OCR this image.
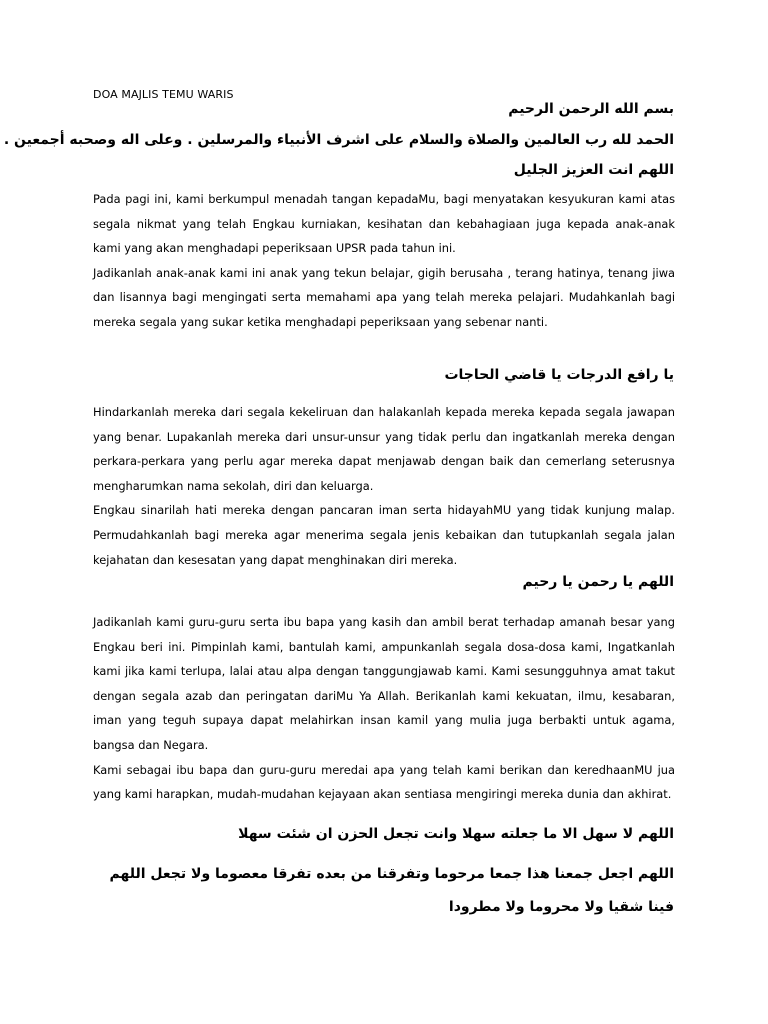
DOA MAJLIS TEMU WARIS
بسم الله الرحمن الرحيم
الحمد لله رب العالمين والصلاة والسلام على اشرف الأنبياء والمرسلين . وعلى اله وصحبه أجمعين .
اللهم انت العزيز الجليل

Pada pagi ini, kami berkumpul menadah tangan kepadaMu, bagi menyatakan kesyukuran kami atas segala nikmat yang telah Engkau kurniakan, kesihatan dan kebahagiaan juga kepada anak-anak kami yang akan menghadapi peperiksaan UPSR pada tahun ini.

Jadikanlah anak-anak kami ini anak yang tekun belajar, gigih berusaha , terang hatinya, tenang jiwa dan lisannya bagi mengingati serta memahami apa yang telah mereka pelajari. Mudahkanlah bagi mereka segala yang sukar ketika menghadapi peperiksaan yang sebenar nanti.

يا رافع الدرجات يا قاضي الحاجات

Hindarkanlah mereka dari segala kekeliruan dan halakanlah kepada mereka kepada segala jawapan yang benar. Lupakanlah mereka dari unsur-unsur yang tidak perlu dan ingatkanlah mereka dengan perkara-perkara yang perlu agar mereka dapat menjawab dengan baik dan cemerlang seterusnya mengharumkan nama sekolah, diri dan keluarga.

Engkau sinarilah hati mereka dengan pancaran iman serta hidayahMU yang tidak kunjung malap. Permudahkanlah bagi mereka agar menerima segala jenis kebaikan dan tutupkanlah segala jalan kejahatan dan kesesatan yang dapat menghinakan diri mereka.

اللهم يا رحمن يا رحيم

Jadikanlah kami guru-guru serta ibu bapa yang kasih dan ambil berat terhadap amanah besar yang Engkau beri ini. Pimpinlah kami, bantulah kami, ampunkanlah segala dosa-dosa kami, Ingatkanlah kami jika kami terlupa, lalai atau alpa dengan tanggungjawab kami. Kami sesungguhnya amat takut dengan segala azab dan peringatan dariMu Ya Allah. Berikanlah kami kekuatan, ilmu, kesabaran, iman yang teguh supaya dapat melahirkan insan kamil yang mulia juga berbakti untuk agama, bangsa dan Negara.

Kami sebagai ibu bapa dan guru-guru meredai apa yang telah kami berikan dan keredhaanMU jua yang kami harapkan, mudah-mudahan kejayaan akan sentiasa mengiringi mereka dunia dan akhirat.

اللهم لا سهل الا ما جعلته سهلا وانت تجعل الحزن ان شئت سهلا
اللهم اجعل جمعنا هذا جمعا مرحوما وتفرقنا من بعده تفرقا معصوما ولا تجعل اللهم فينا شقيا ولا محروما ولا مطرودا
